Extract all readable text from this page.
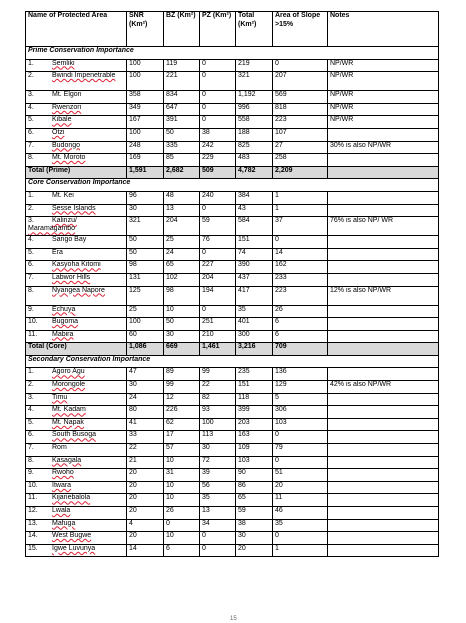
Name of Protected Area	SNR (Km²)	BZ (Km²)	PZ (Km²)	Total (Km²)	Area of Slope >15%	Notes
Prime Conservation Importance						
1. Semliki	100	119	0	219	0	NP/WR
2. Bwindi Impenetrable	100	221	0	321	207	NP/WR
3. Mt. Elgon	358	834	0	1,192	569	NP/WR
4. Rwenzori	349	647	0	996	818	NP/WR
5. Kibale	167	391	0	558	223	NP/WR
6. Otzi	100	50	38	188	107	
7. Budongo	248	335	242	825	27	30% is also NP/WR
8. Mt. Moroto	169	85	229	483	258	
Total (Prime)	1,591	2,682	509	4,782	2,209	
Core Conservation Importance						
1. Mt. Kei	96	48	240	384	1	
2. Sesse Islands	30	13	0	43	1	
3. Kalinzu/ Maramagambo	321	204	59	584	37	76% is also NP/ WR
4. Sango Bay	50	25	76	151	0	
5. Era	50	24	0	74	14	
6. Kasyoha Kitomi	98	65	227	390	162	
7. Labwor Hills	131	102	204	437	233	
8. Nyangea Napore	125	98	194	417	223	12% is also NP/WR
9. Echuya	25	10	0	35	26	
10. Bugoma	100	50	251	401	6	
11. Mabira	60	30	210	300	6	
Total (Core)	1,086	669	1,461	3,216	709	
Secondary Conservation Importance						
1. Agoro Agu	47	89	99	235	136	
2. Morongole	30	99	22	151	129	42% is also NP/WR
3. Timu	24	12	82	118	5	
4. Mt. Kadam	80	226	93	399	306	
5. Mt. Napak	41	62	100	203	103	
6. South Busoga	33	17	113	163	0	
7. Rom	22	57	30	109	79	
8. Kasagala	21	10	72	103	0	
9. Rwoho	20	31	39	90	51	
10. Itwara	20	10	56	86	20	
11. Kijanebalola	20	10	35	65	11	
12. Lwala	20	26	13	59	46	
13. Mafuga	4	0	34	38	35	
14. West Bugwe	20	10	0	30	0	
15. Igwe Luvunya	14	6	0	20	1	
15
